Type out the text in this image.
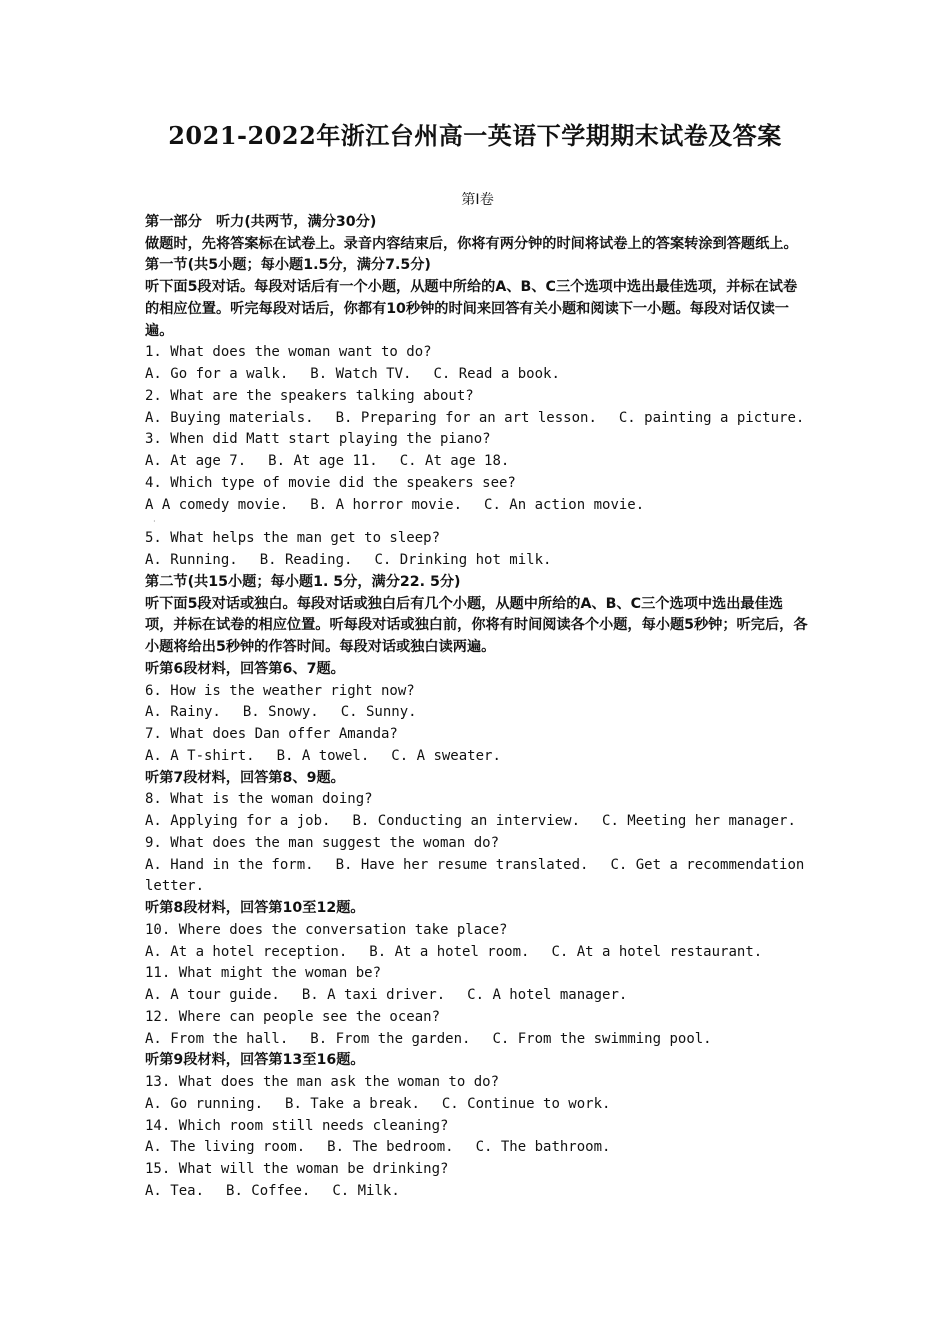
2021-2022年浙江台州高一英语下学期期末试卷及答案
第I卷
第一部分　听力(共两节，满分30分)
做题时，先将答案标在试卷上。录音内容结束后，你将有两分钟的时间将试卷上的答案转涂到答题纸上。
第一节(共5小题；每小题1.5分，满分7.5分)
听下面5段对话。每段对话后有一个小题，从题中所给的A、B、C三个选项中选出最佳选项，并标在试卷的相应位置。听完每段对话后，你都有10秒钟的时间来回答有关小题和阅读下一小题。每段对话仅读一遍。
1. What does the woman want to do?
A. Go for a walk. B. Watch TV. C. Read a book.
2. What are the speakers talking about?
A. Buying materials. B. Preparing for an art lesson. C. painting a picture.
3. When did Matt start playing the piano?
A. At age 7. B. At age 11. C. At age 18.
4. Which type of movie did the speakers see?
A A comedy movie. B. A horror movie. C. An action movie.
·
5. What helps the man get to sleep?
A. Running. B. Reading. C. Drinking hot milk.
第二节(共15小题；每小题1. 5分，满分22. 5分)
听下面5段对话或独白。每段对话或独白后有几个小题，从题中所给的A、B、C三个选项中选出最佳选项，并标在试卷的相应位置。听每段对话或独白前，你将有时间阅读各个小题，每小题5秒钟；听完后，各小题将给出5秒钟的作答时间。每段对话或独白读两遍。
听第6段材料，回答第6、7题。
6. How is the weather right now?
A. Rainy. B. Snowy. C. Sunny.
7. What does Dan offer Amanda?
A. A T-shirt. B. A towel. C. A sweater.
听第7段材料，回答第8、9题。
8. What is the woman doing?
A. Applying for a job. B. Conducting an interview. C. Meeting her manager.
9. What does the man suggest the woman do?
A. Hand in the form. B. Have her resume translated. C. Get a recommendation
letter.
听第8段材料，回答第10至12题。
10. Where does the conversation take place?
A. At a hotel reception. B. At a hotel room. C. At a hotel restaurant.
11. What might the woman be?
A. A tour guide. B. A taxi driver. C. A hotel manager.
12. Where can people see the ocean?
A. From the hall. B. From the garden. C. From the swimming pool.
听第9段材料，回答第13至16题。
13. What does the man ask the woman to do?
A. Go running. B. Take a break. C. Continue to work.
14. Which room still needs cleaning?
A. The living room. B. The bedroom. C. The bathroom.
15. What will the woman be drinking?
A. Tea. B. Coffee. C. Milk.
